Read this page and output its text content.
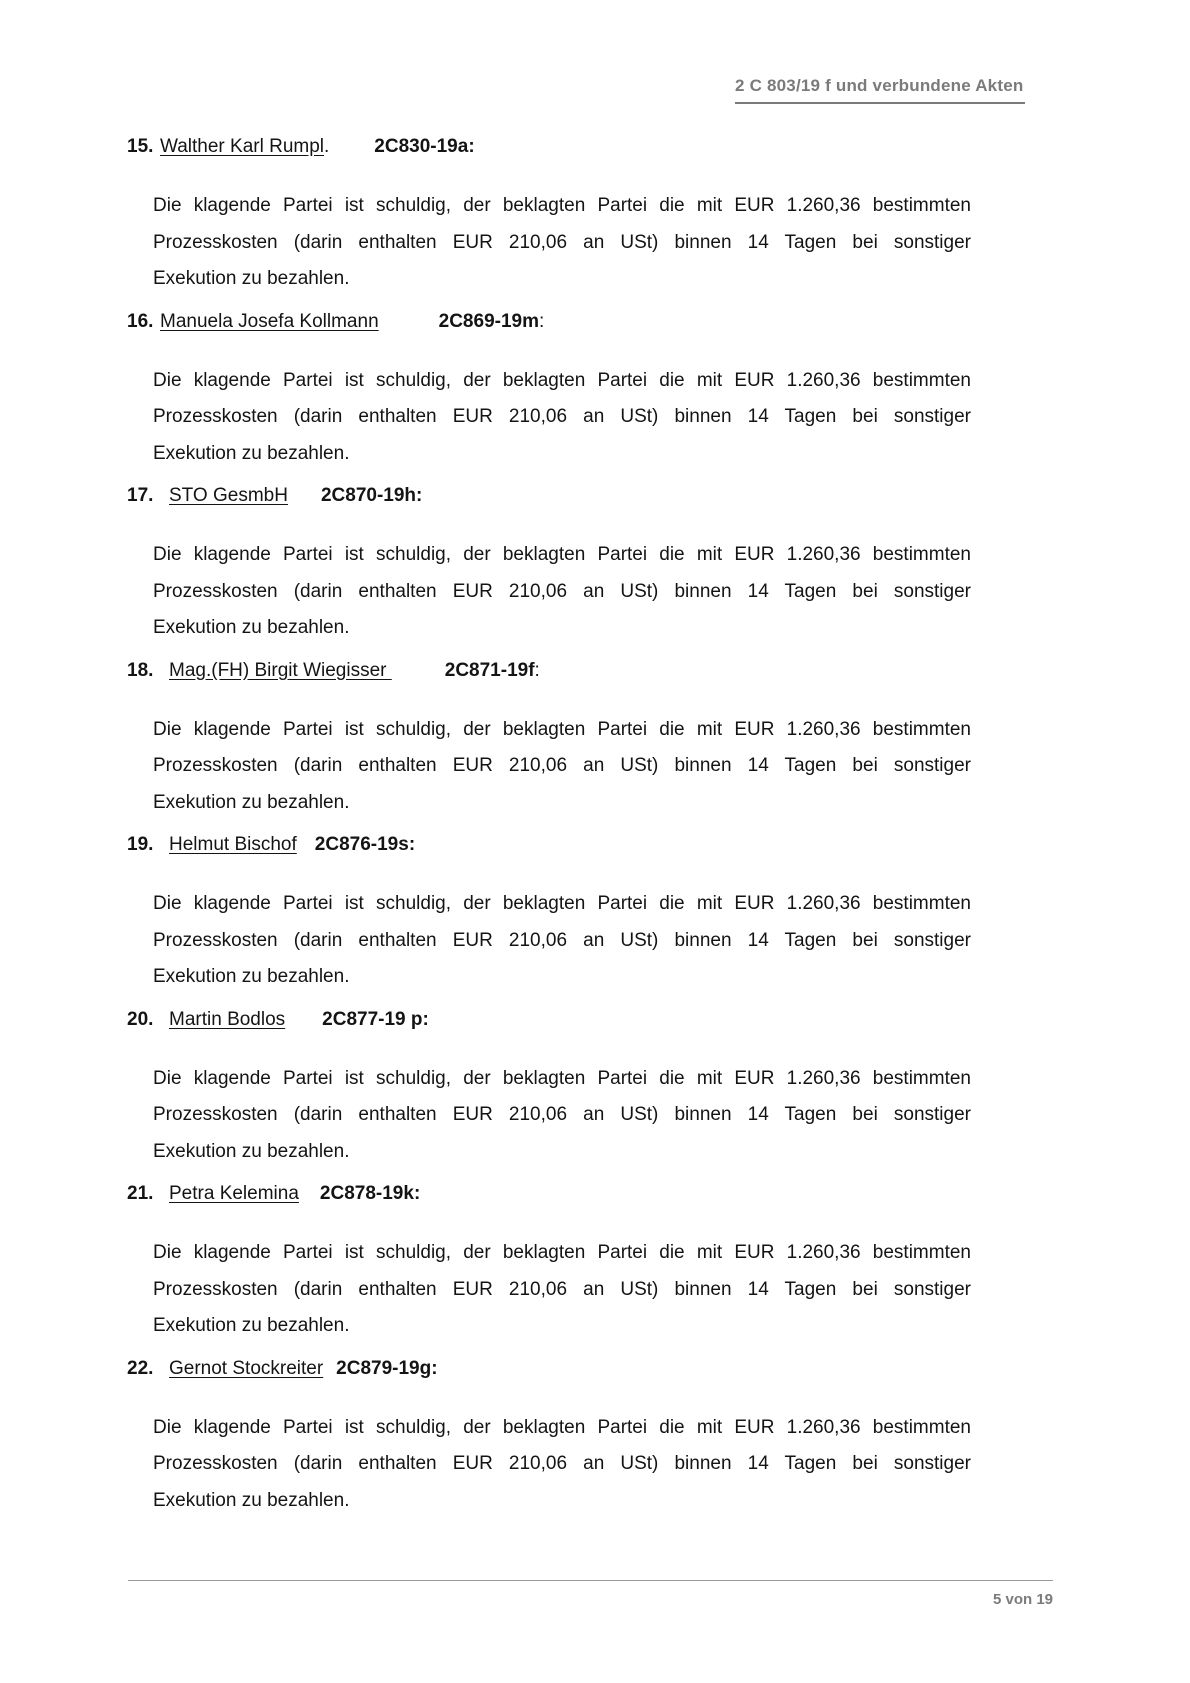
2 C 803/19 f und verbundene Akten
15. Walther Karl Rumpl. 2C830-19a:
Die klagende Partei ist schuldig, der beklagten Partei die mit EUR 1.260,36 bestimmten
Prozesskosten (darin enthalten EUR 210,06 an USt) binnen 14 Tagen bei sonstiger
Exekution zu bezahlen.
16. Manuela Josefa Kollmann	2C869-19m:
Die klagende Partei ist schuldig, der beklagten Partei die mit EUR 1.260,36 bestimmten
Prozesskosten (darin enthalten EUR 210,06 an USt) binnen 14 Tagen bei sonstiger
Exekution zu bezahlen.
17. STO GesmbH 2C870-19h:
Die klagende Partei ist schuldig, der beklagten Partei die mit EUR 1.260,36 bestimmten
Prozesskosten (darin enthalten EUR 210,06 an USt) binnen 14 Tagen bei sonstiger
Exekution zu bezahlen.
18. Mag.(FH) Birgit Wiegisser	2C871-19f:
Die klagende Partei ist schuldig, der beklagten Partei die mit EUR 1.260,36 bestimmten
Prozesskosten (darin enthalten EUR 210,06 an USt) binnen 14 Tagen bei sonstiger
Exekution zu bezahlen.
19. Helmut Bischof 2C876-19s:
Die klagende Partei ist schuldig, der beklagten Partei die mit EUR 1.260,36 bestimmten
Prozesskosten (darin enthalten EUR 210,06 an USt) binnen 14 Tagen bei sonstiger
Exekution zu bezahlen.
20. Martin Bodlos 2C877-19 p:
Die klagende Partei ist schuldig, der beklagten Partei die mit EUR 1.260,36 bestimmten
Prozesskosten (darin enthalten EUR 210,06 an USt) binnen 14 Tagen bei sonstiger
Exekution zu bezahlen.
21. Petra Kelemina 2C878-19k:
Die klagende Partei ist schuldig, der beklagten Partei die mit EUR 1.260,36 bestimmten
Prozesskosten (darin enthalten EUR 210,06 an USt) binnen 14 Tagen bei sonstiger
Exekution zu bezahlen.
22. Gernot Stockreiter 2C879-19g:
Die klagende Partei ist schuldig, der beklagten Partei die mit EUR 1.260,36 bestimmten
Prozesskosten (darin enthalten EUR 210,06 an USt) binnen 14 Tagen bei sonstiger
Exekution zu bezahlen.
5 von 19
